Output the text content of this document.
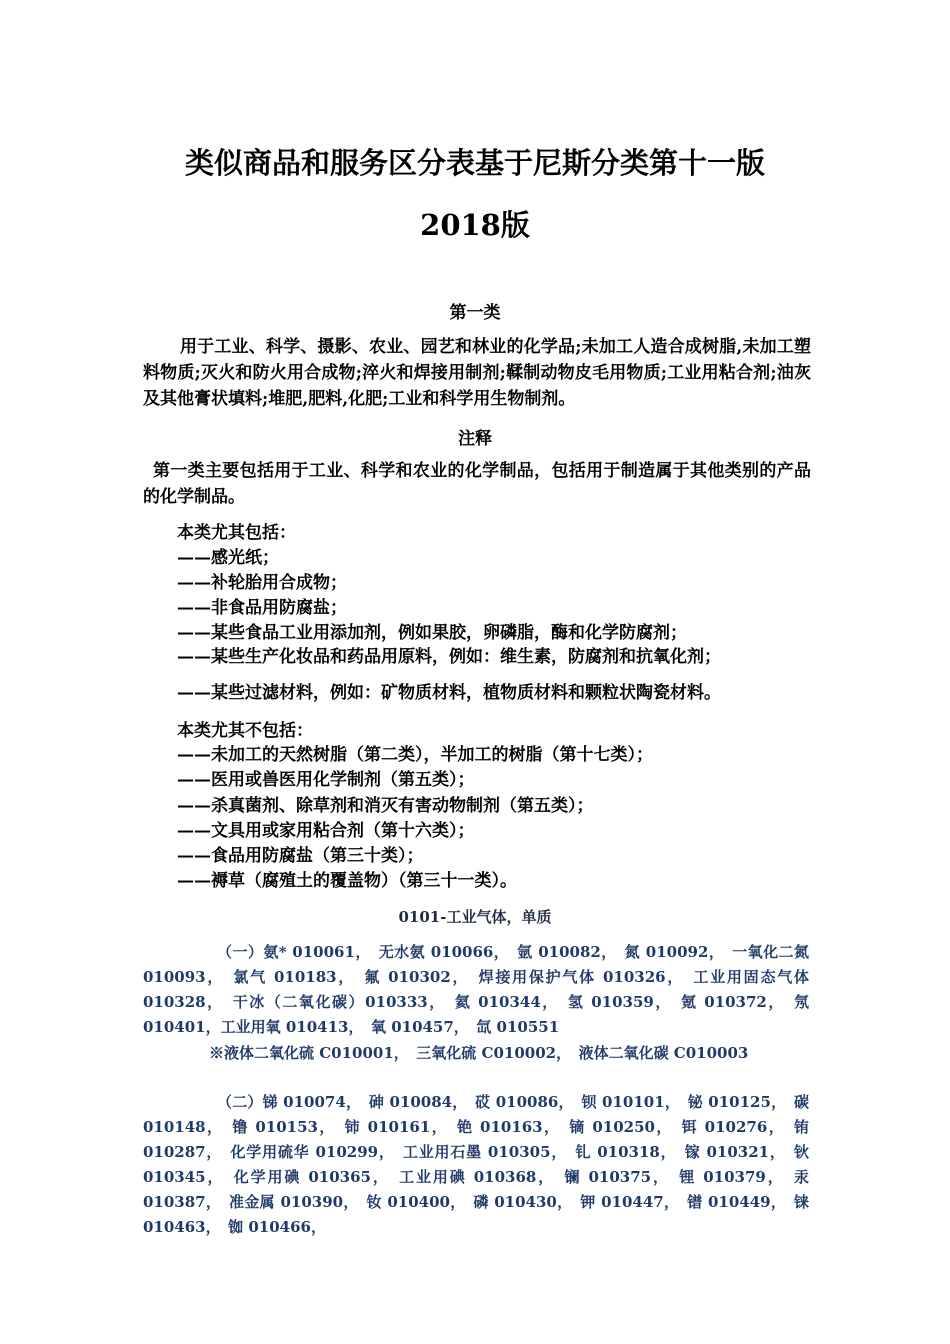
类似商品和服务区分表基于尼斯分类第十一版
2018版
第一类

用于工业、科学、摄影、农业、园艺和林业的化学品;未加工人造合成树脂,未加工塑料物质;灭火和防火用合成物;淬火和焊接用制剂;鞣制动物皮毛用物质;工业用粘合剂;油灰及其他膏状填料;堆肥,肥料,化肥;工业和科学用生物制剂。

注释

第一类主要包括用于工业、科学和农业的化学制品，包括用于制造属于其他类别的产品的化学制品。

本类尤其包括：
——感光纸；
——补轮胎用合成物；
——非食品用防腐盐；
——某些食品工业用添加剂，例如果胶，卵磷脂，酶和化学防腐剂；
——某些生产化妆品和药品用原料，例如：维生素，防腐剂和抗氧化剂；
——某些过滤材料，例如：矿物质材料，植物质材料和颗粒状陶瓷材料。
本类尤其不包括：
——未加工的天然树脂（第二类），半加工的树脂（第十七类）；
——医用或兽医用化学制剂（第五类）；
——杀真菌剂、除草剂和消灭有害动物制剂（第五类）；
——文具用或家用粘合剂（第十六类）；
——食品用防腐盐（第三十类）；
——褥草（腐殖土的覆盖物）（第三十一类）。
0101-工业气体，单质

（一）氨* 010061，　无水氨 010066，　氩 010082，　氮 010092，　一氧化二氮 010093，　氯气 010183，　氟 010302，　焊接用保护气体 010326，　工业用固态气体 010328，　干冰（二氧化碳）010333，　氦 010344，　氢 010359，　氪 010372，　氖 010401，工业用氧 010413，　氧 010457，　氙 010551

※液体二氧化硫 C010001，　三氧化硫 C010002，　液体二氧化碳 C010003

（二）锑 010074，　砷 010084，　砹 010086，　钡 010101，　铋 010125，　碳 010148，　镥 010153，　铈 010161，　铯 010163，　镝 010250，　铒 010276，　铕 010287，　化学用硫华 010299，　工业用石墨 010305，　钆 010318，　镓 010321，　钬 010345，　化学用碘 010365，　工业用碘 010368，　镧 010375，　锂 010379，　汞 010387，　准金属 010390，　钕 010400，　磷 010430，　钾 010447，　镨 010449，　铼 010463，　铷 010466，
